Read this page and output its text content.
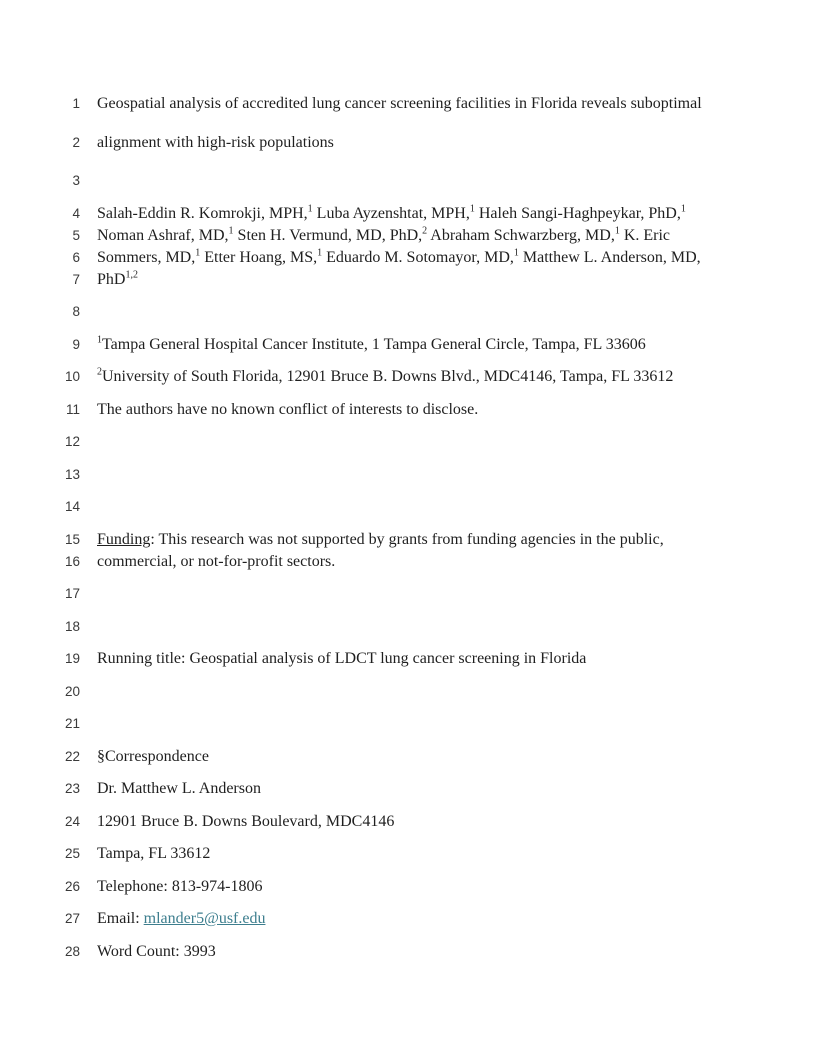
1 Geospatial analysis of accredited lung cancer screening facilities in Florida reveals suboptimal
2 alignment with high-risk populations
3
4 Salah-Eddin R. Komrokji, MPH,$^1$ Luba Ayzenshtat, MPH,$^1$ Haleh Sangi-Haghpeykar, PhD,$^1$
5 Noman Ashraf, MD,$^1$ Sten H. Vermund, MD, PhD,$^2$ Abraham Schwarzberg, MD,$^1$ K. Eric
6 Sommers, MD,$^1$ Etter Hoang, MS,$^1$ Eduardo M. Sotomayor, MD,$^1$ Matthew L. Anderson, MD,
7 PhD$^{1,2}$
8
9 $^1$Tampa General Hospital Cancer Institute, 1 Tampa General Circle, Tampa, FL 33606
10 $^2$University of South Florida, 12901 Bruce B. Downs Blvd., MDC4146, Tampa, FL 33612
11 The authors have no known conflict of interests to disclose.
12
13
14
15 Funding: This research was not supported by grants from funding agencies in the public,
16 commercial, or not-for-profit sectors.
17
18
19 Running title: Geospatial analysis of LDCT lung cancer screening in Florida
20
21
22 §Correspondence
23 Dr. Matthew L. Anderson
24 12901 Bruce B. Downs Boulevard, MDC4146
25 Tampa, FL 33612
26 Telephone: 813-974-1806
27 Email: mlander5@usf.edu
28 Word Count: 3993
